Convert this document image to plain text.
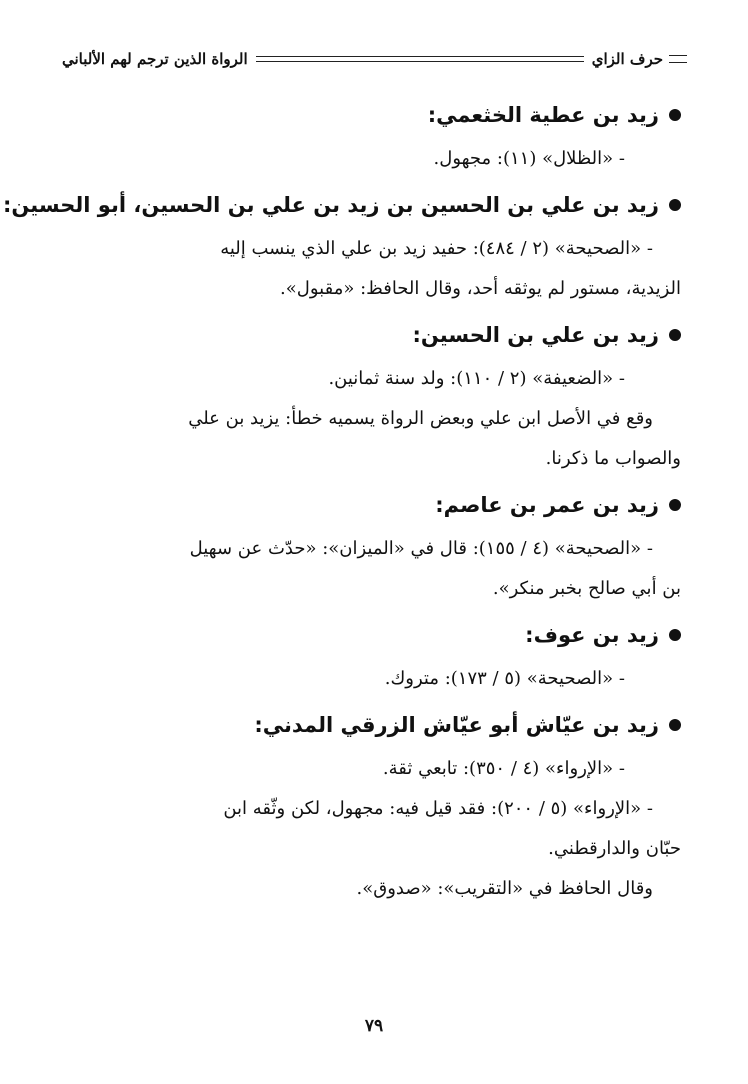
حرف الزاي
الرواة الذين ترجم لهم الألباني
زيد بن عطية الخثعمي:
- «الظلال» (١١): مجهول.
زيد بن علي بن الحسين بن زيد بن علي بن الحسين، أبو الحسين:
- «الصحيحة» (٢ / ٤٨٤): حفيد زيد بن علي الذي ينسب إليه
الزيدية، مستور لم يوثقه أحد، وقال الحافظ: «مقبول».
زيد بن علي بن الحسين:
- «الضعيفة» (٢ / ١١٠): ولد سنة ثمانين.
وقع في الأصل ابن علي وبعض الرواة يسميه خطأ: يزيد بن علي
والصواب ما ذكرنا.
زيد بن عمر بن عاصم:
- «الصحيحة» (٤ / ١٥٥): قال في «الميزان»: «حدّث عن سهيل
بن أبي صالح بخبر منكر».
زيد بن عوف:
- «الصحيحة» (٥ / ١٧٣): متروك.
زيد بن عيّاش أبو عيّاش الزرقي المدني:
- «الإرواء» (٤ / ٣٥٠): تابعي ثقة.
- «الإرواء» (٥ / ٢٠٠): فقد قيل فيه: مجهول، لكن وثّقه ابن
حبّان والدارقطني.
وقال الحافظ في «التقريب»: «صدوق».
٧٩
